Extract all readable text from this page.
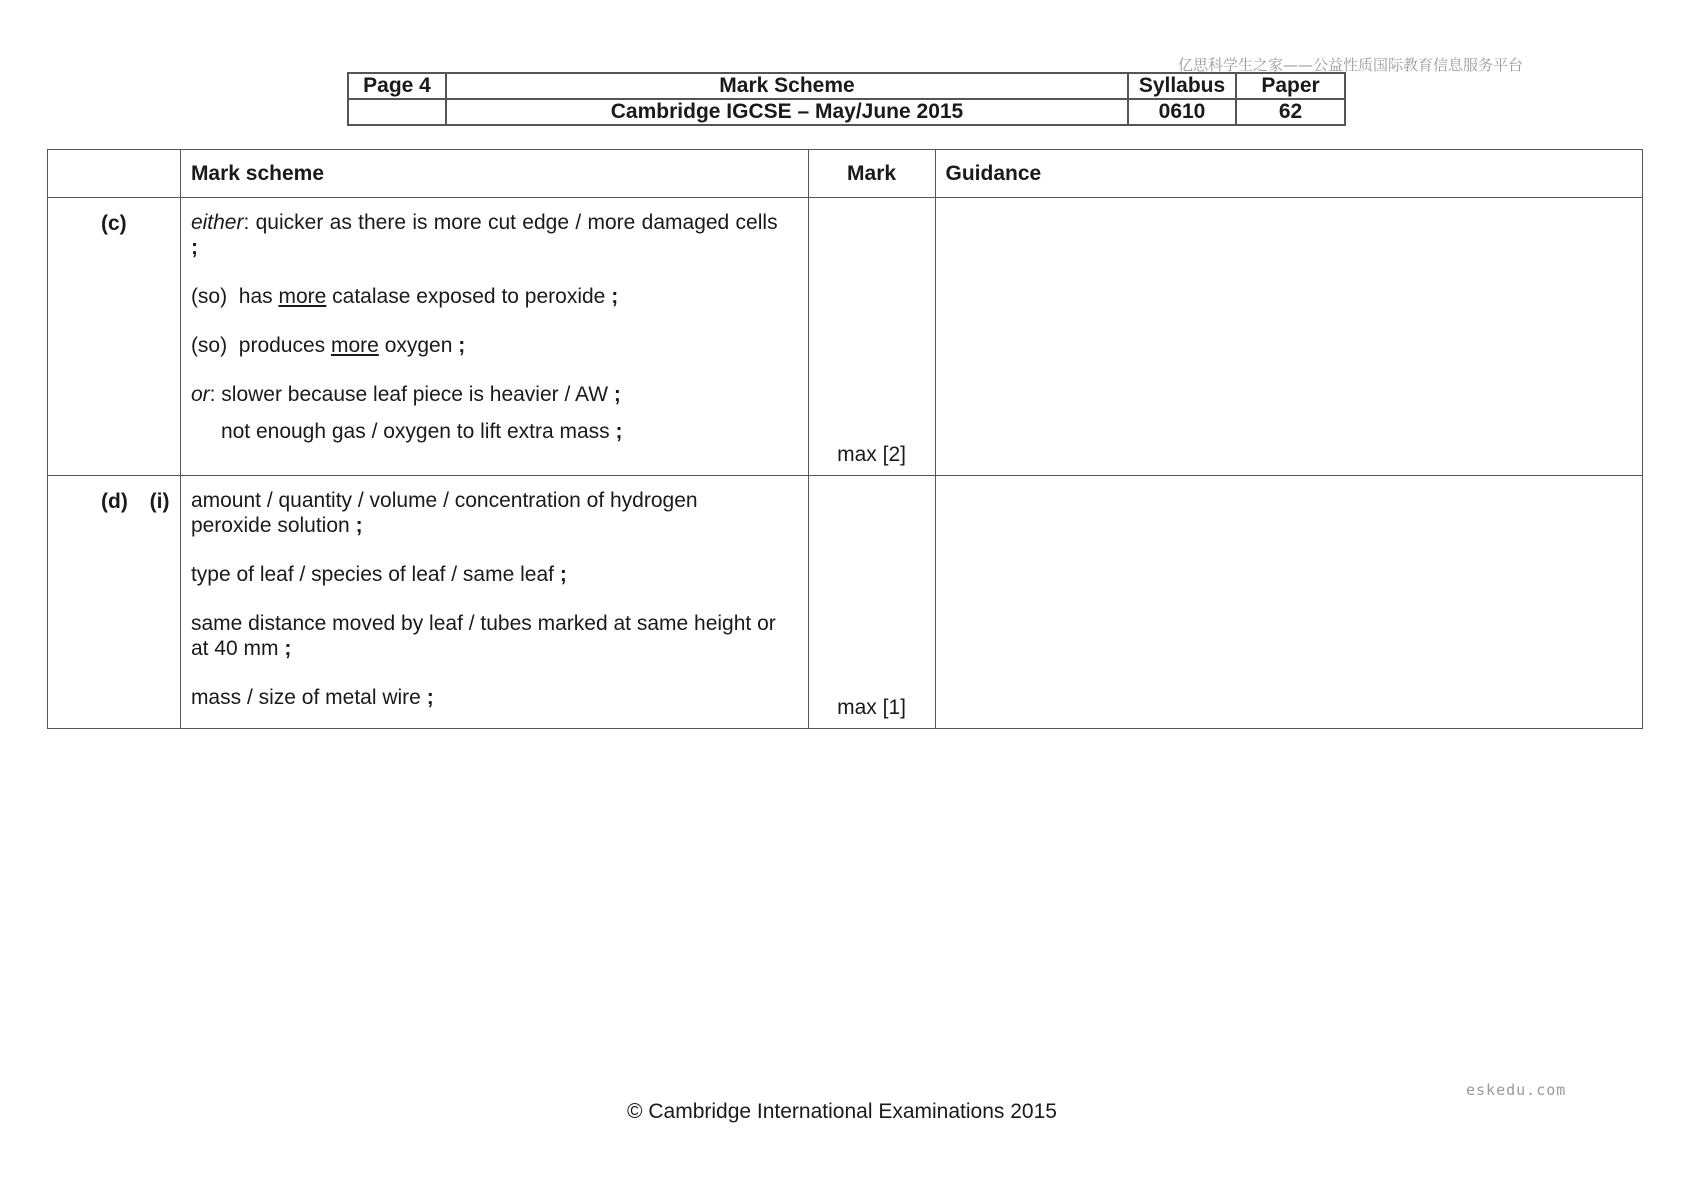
亿思科学生之家——公益性质国际教育信息服务平台
Page 4	Mark Scheme	Syllabus	Paper
	Cambridge IGCSE – May/June 2015	0610	62
	Mark scheme	Mark	Guidance
(c)	either: quicker as there is more cut edge / more damaged cells ;

(so)  has more catalase exposed to peroxide ;

(so)  produces more oxygen ;

or: slower because leaf piece is heavier / AW ;

not enough gas / oxygen to lift extra mass ;	max [2]	

(d) (i)	amount / quantity / volume / concentration of hydrogen peroxide solution ;

type of leaf / species of leaf / same leaf ;

same distance moved by leaf / tubes marked at same height or at 40 mm ;

mass / size of metal wire ;	max [1]	

eskedu.com
© Cambridge International Examinations 2015
